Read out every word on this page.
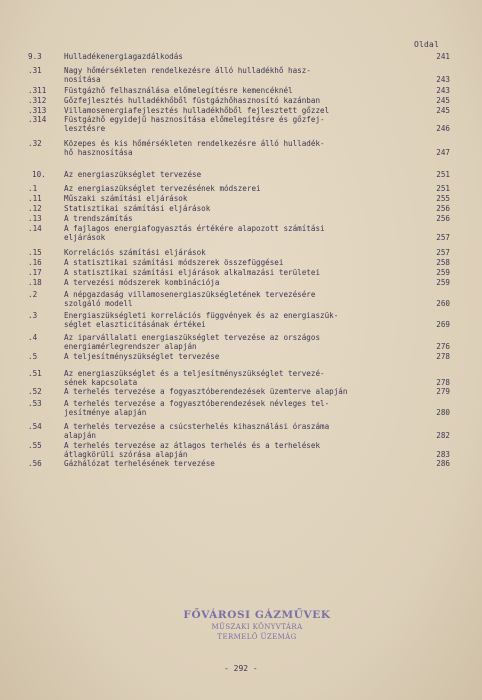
Oldal
9.3	Hulladékenergiagazdálkodás	241
.31	Nagy hőmérsékleten rendelkezésre álló hulladékhő hasz-
nosítása	243
.311 Füstgázhő felhasználása előmelegítésre kemencéknél	243
.312 Gőzfejlesztés hulladékhőből füstgázhőhasznosító kazánban	245
.313 Villamosenergiafejlesztés hulladékhőből fejlesztett gőzzel	245
.314 Füstgázhő egyidejű hasznosítása előmelegítésre és gőzfej-
lesztésre	246
.32	Közepes és kis hőmérsékleten rendelkezésre álló hulladék-
hő hasznosítása	247
10. Az energiaszükséglet tervezése	251
.1	Az energiaszükséglet tervezésének módszerei	251
.11	Műszaki számítási eljárások	255
.12	Statisztikai számítási eljárások	256
.13	A trendszámítás	256
.14	A fajlagos energiafogyasztás értékére alapozott számítási
eljárások	257
.15	Korrelációs számítási eljárások	257
.16	A statisztikai számítási módszerek összefüggései	258
.17	A statisztikai számítási eljárások alkalmazási területei	259
.18	A tervezési módszerek kombinációja	259
.2	A népgazdaság villamosenergiaszükségletének tervezésére
szolgáló modell	260
.3	Energiaszükségleti korrelációs függvények és az energiaszük-
séglet elaszticitásának értékei	269
.4	Az iparvállalati energiaszükséglet tervezése az országos
energiamérlegrendszer alapján	276
.5	A teljesítményszükséglet tervezése	278
.51	Az energiaszükséglet és a teljesítményszükséglet tervezé-
sének kapcsolata	278
.52	A terhelés tervezése a fogyasztóberendezések üzemterve alapján	279
.53	A terhelés tervezése a fogyasztóberendezések névleges tel-
jesítménye alapján	280
.54	A terhelés tervezése a csúcsterhelés kihasználási óraszáma
alapján	282
.55	A terhelés tervezése az átlagos terhelés és a terhelések
átlagkörüli szórása alapján	283
.56	Gázhálózat terhelésének tervezése	286
FŐVÁROSI GÁZMŰVEK
MŰSZAKI KÖNYVTÁRA
TERMELŐ ÜZEMÁG
- 292 -
